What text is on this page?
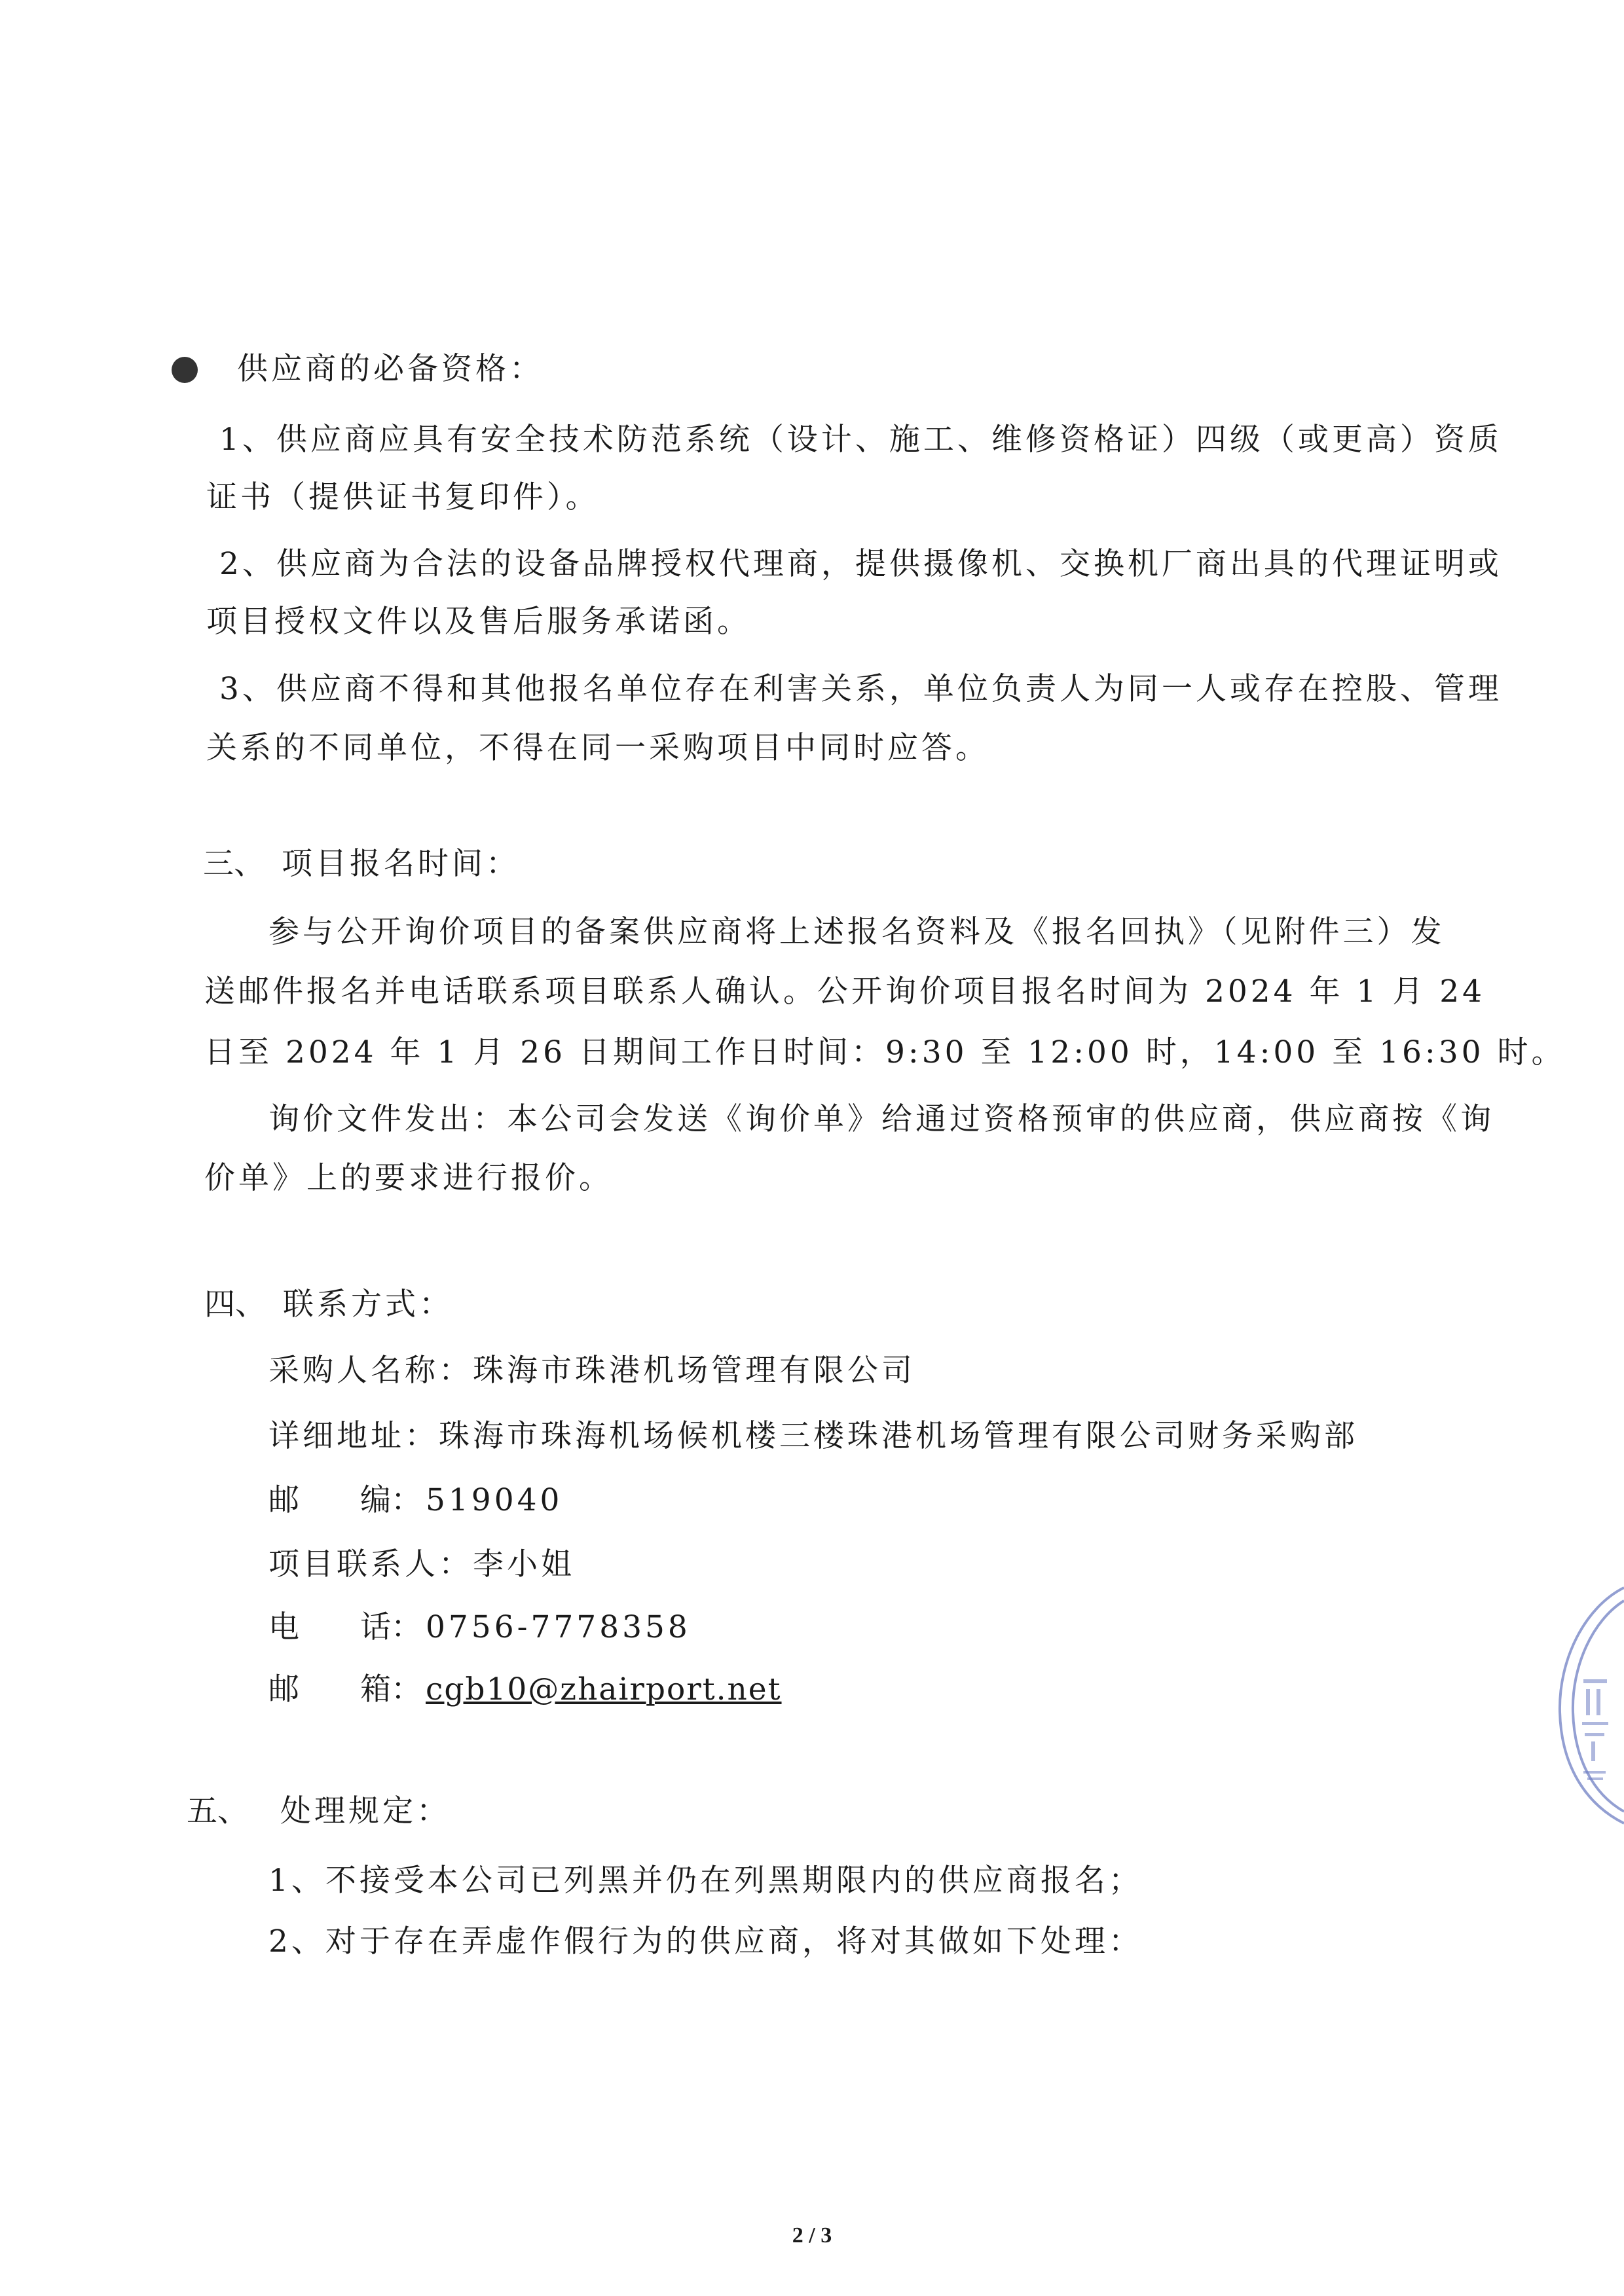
供应商的必备资格：
1、供应商应具有安全技术防范系统（设计、施工、维修资格证）四级（或更高）资质
证书（提供证书复印件）。
2、供应商为合法的设备品牌授权代理商，提供摄像机、交换机厂商出具的代理证明或
项目授权文件以及售后服务承诺函。
3、供应商不得和其他报名单位存在利害关系，单位负责人为同一人或存在控股、管理
关系的不同单位，不得在同一采购项目中同时应答。
三、 项目报名时间：
参与公开询价项目的备案供应商将上述报名资料及《报名回执》（见附件三）发
送邮件报名并电话联系项目联系人确认。公开询价项目报名时间为 2024 年 1 月 24
日至 2024 年 1 月 26 日期间工作日时间：9:30 至 12:00 时，14:00 至 16:30 时。
询价文件发出：本公司会发送《询价单》给通过资格预审的供应商，供应商按《询
价单》上的要求进行报价。
四、 联系方式：
采购人名称：珠海市珠港机场管理有限公司
详细地址：珠海市珠海机场候机楼三楼珠港机场管理有限公司财务采购部
邮 编： 519040
项目联系人：李小姐
电 话： 0756-7778358
邮 箱： cgb10@zhairport.net
五、 处理规定：
1、不接受本公司已列黑并仍在列黑期限内的供应商报名；
2、对于存在弄虚作假行为的供应商，将对其做如下处理：
2 / 3
